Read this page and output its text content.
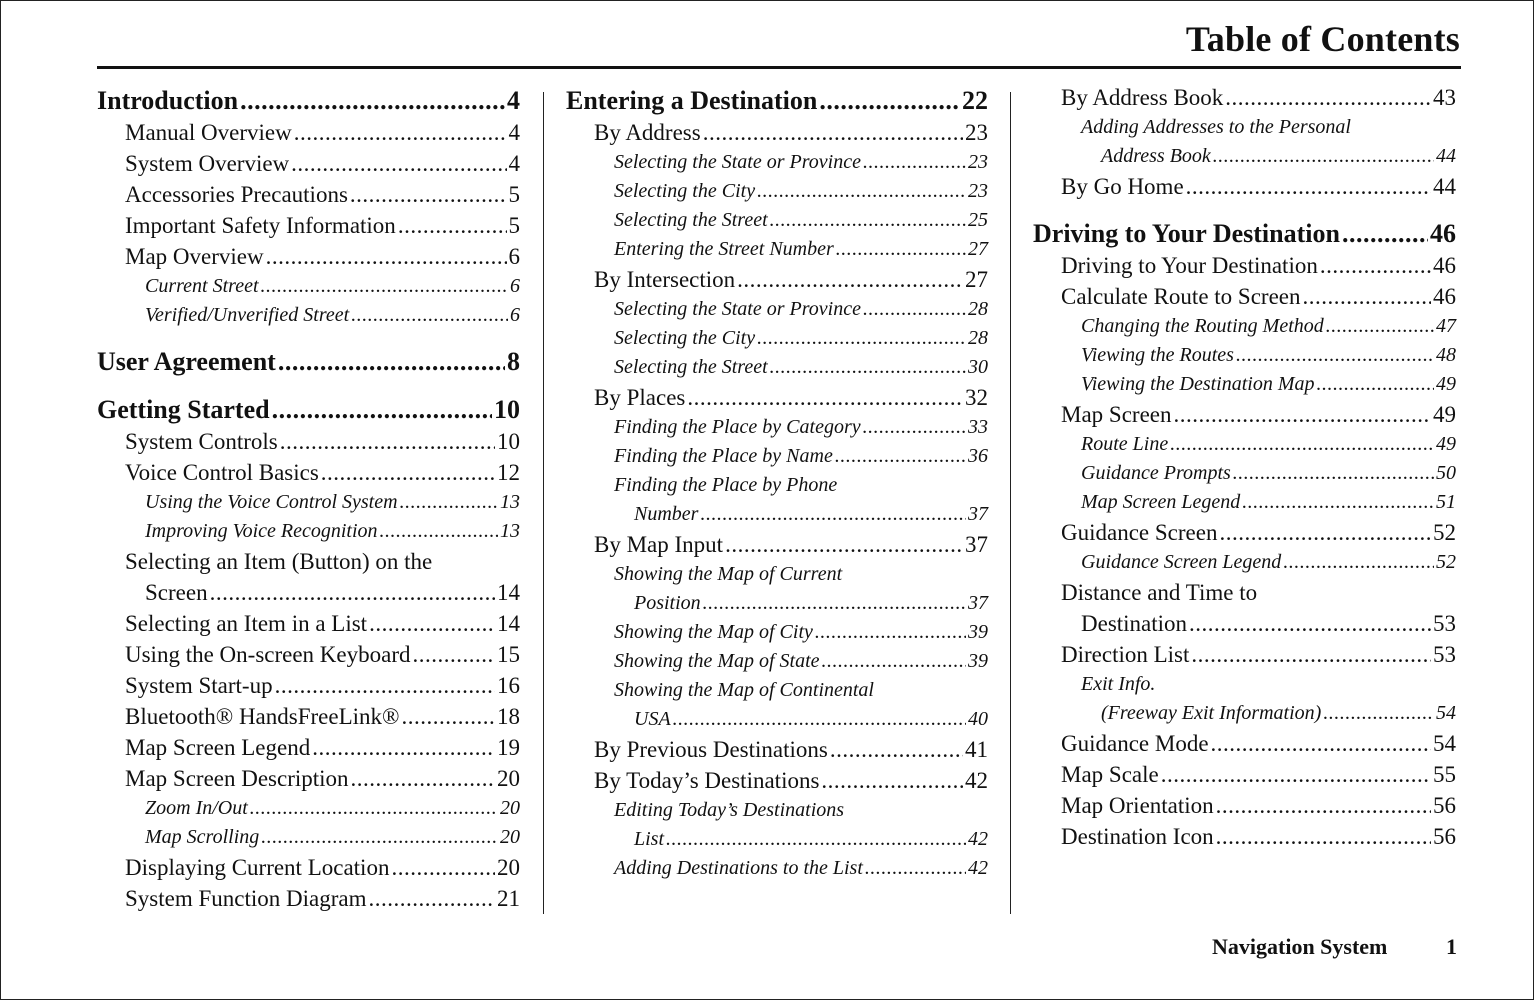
Table of Contents
Introduction .....	4
Manual Overview .....	4
System Overview .....	4
Accessories Precautions .....	5
Important Safety Information .....	5
Map Overview .....	6
Current Street .....	6
Verified/Unverified Street .....	6
User Agreement .....	8
Getting Started .....	10
System Controls .....	10
Voice Control Basics .....	12
Using the Voice Control System .....	13
Improving Voice Recognition .....	13
Selecting an Item (Button) on the
Screen .....	14
Selecting an Item in a List .....	14
Using the On-screen Keyboard .....	15
System Start-up .....	16
Bluetooth® HandsFreeLink® .....	18
Map Screen Legend .....	19
Map Screen Description .....	20
Zoom In/Out .....	20
Map Scrolling .....	20
Displaying Current Location .....	20
System Function Diagram .....	21
Entering a Destination .....	22
By Address .....	23
Selecting the State or Province .....	23
Selecting the City .....	23
Selecting the Street .....	25
Entering the Street Number .....	27
By Intersection .....	27
Selecting the State or Province .....	28
Selecting the City .....	28
Selecting the Street .....	30
By Places .....	32
Finding the Place by Category .....	33
Finding the Place by Name .....	36
Finding the Place by Phone
Number .....	37
By Map Input .....	37
Showing the Map of Current
Position .....	37
Showing the Map of City .....	39
Showing the Map of State .....	39
Showing the Map of Continental
USA .....	40
By Previous Destinations .....	41
By Today’s Destinations .....	42
Editing Today’s Destinations
List .....	42
Adding Destinations to the List .....	42
By Address Book .....	43
Adding Addresses to the Personal
Address Book .....	44
By Go Home .....	44
Driving to Your Destination .....	46
Driving to Your Destination .....	46
Calculate Route to Screen .....	46
Changing the Routing Method .....	47
Viewing the Routes .....	48
Viewing the Destination Map .....	49
Map Screen .....	49
Route Line .....	49
Guidance Prompts .....	50
Map Screen Legend .....	51
Guidance Screen .....	52
Guidance Screen Legend .....	52
Distance and Time to
Destination .....	53
Direction List .....	53
Exit Info.
(Freeway Exit Information) .....	54
Guidance Mode .....	54
Map Scale .....	55
Map Orientation .....	56
Destination Icon .....	56
Navigation System	1
